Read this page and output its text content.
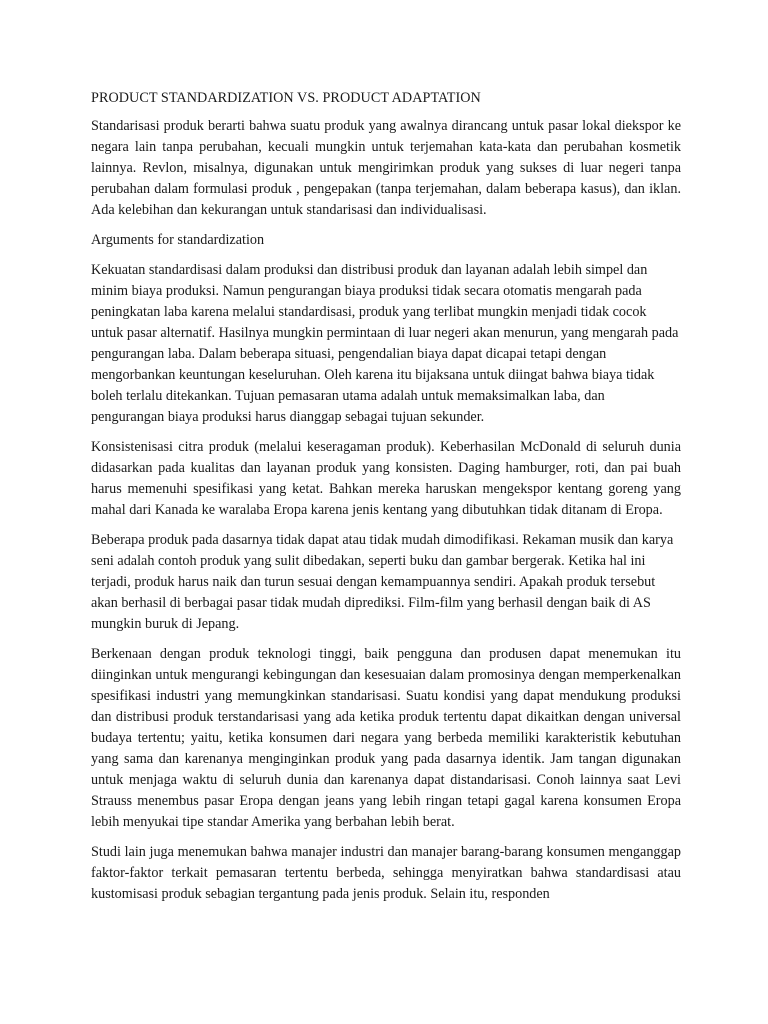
PRODUCT STANDARDIZATION VS. PRODUCT ADAPTATION

Standarisasi produk berarti bahwa suatu produk yang awalnya dirancang untuk pasar lokal diekspor ke negara lain tanpa perubahan, kecuali mungkin untuk terjemahan kata-kata dan perubahan kosmetik lainnya. Revlon, misalnya, digunakan untuk mengirimkan produk yang sukses di luar negeri tanpa perubahan dalam formulasi produk , pengepakan (tanpa terjemahan, dalam beberapa kasus), dan iklan. Ada kelebihan dan kekurangan untuk standarisasi dan individualisasi.

Arguments for standardization

Kekuatan standardisasi dalam produksi dan distribusi produk dan layanan adalah lebih simpel dan minim biaya produksi. Namun pengurangan biaya produksi tidak secara otomatis mengarah pada peningkatan laba karena melalui standardisasi, produk yang terlibat mungkin menjadi tidak cocok untuk pasar alternatif. Hasilnya mungkin permintaan di luar negeri akan menurun, yang mengarah pada pengurangan laba. Dalam beberapa situasi, pengendalian biaya dapat dicapai tetapi dengan mengorbankan keuntungan keseluruhan. Oleh karena itu bijaksana untuk diingat bahwa biaya tidak boleh terlalu ditekankan. Tujuan pemasaran utama adalah untuk memaksimalkan laba, dan pengurangan biaya produksi harus dianggap sebagai tujuan sekunder.

Konsistenisasi citra produk (melalui keseragaman produk). Keberhasilan McDonald di seluruh dunia didasarkan pada kualitas dan layanan produk yang konsisten. Daging hamburger, roti, dan pai buah harus memenuhi spesifikasi yang ketat. Bahkan mereka haruskan mengekspor kentang goreng yang mahal dari Kanada ke waralaba Eropa karena jenis kentang yang dibutuhkan tidak ditanam di Eropa.

Beberapa produk pada dasarnya tidak dapat atau tidak mudah dimodifikasi. Rekaman musik dan karya seni adalah contoh produk yang sulit dibedakan, seperti buku dan gambar bergerak. Ketika hal ini terjadi, produk harus naik dan turun sesuai dengan kemampuannya sendiri. Apakah produk tersebut akan berhasil di berbagai pasar tidak mudah diprediksi. Film-film yang berhasil dengan baik di AS mungkin buruk di Jepang.

Berkenaan dengan produk teknologi tinggi, baik pengguna dan produsen dapat menemukan itu diinginkan untuk mengurangi kebingungan dan kesesuaian dalam promosinya dengan memperkenalkan spesifikasi industri yang memungkinkan standarisasi. Suatu kondisi yang dapat mendukung produksi dan distribusi produk terstandarisasi yang ada ketika produk tertentu dapat dikaitkan dengan universal budaya tertentu; yaitu, ketika konsumen dari negara yang berbeda memiliki karakteristik kebutuhan yang sama dan karenanya menginginkan produk yang pada dasarnya identik. Jam tangan digunakan untuk menjaga waktu di seluruh dunia dan karenanya dapat distandarisasi. Conoh lainnya saat Levi Strauss menembus pasar Eropa dengan jeans yang lebih ringan tetapi gagal karena konsumen Eropa lebih menyukai tipe standar Amerika yang berbahan lebih berat.

Studi lain juga menemukan bahwa manajer industri dan manajer barang-barang konsumen menganggap faktor-faktor terkait pemasaran tertentu berbeda, sehingga menyiratkan bahwa standardisasi atau kustomisasi produk sebagian tergantung pada jenis produk. Selain itu, responden
